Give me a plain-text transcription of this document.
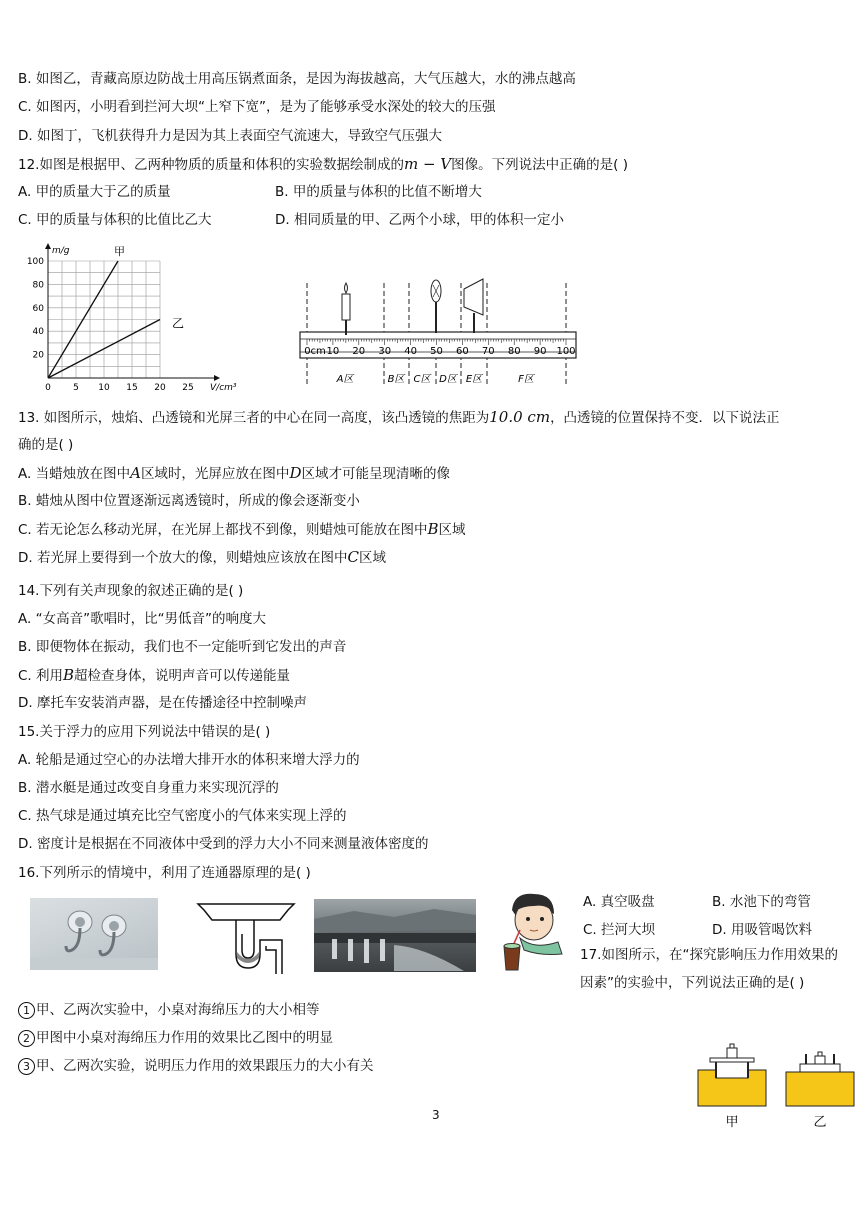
B. 如图乙，青藏高原边防战士用高压锅煮面条，是因为海拔越高，大气压越大，水的沸点越高
C. 如图丙，小明看到拦河大坝“上窄下宽”，是为了能够承受水深处的较大的压强
D. 如图丁，飞机获得升力是因为其上表面空气流速大，导致空气压强大
12.如图是根据甲、乙两种物质的质量和体积的实验数据绘制成的m − V图像。下列说法中正确的是( )
A. 甲的质量大于乙的质量	B. 甲的质量与体积的比值不断增大
C. 甲的质量与体积的比值比乙大	D. 相同质量的甲、乙两个小球，甲的体积一定小
0 5 10 15 20 25
20
40
60
80
100
V/cm³
m/g	甲
乙
0cm 10 20 30 40 50 60 70 80 90 100
A区	B区 C区 D区 E区	F区
13. 如图所示，烛焰、凸透镜和光屏三者的中心在同一高度，该凸透镜的焦距为10.0 cm，凸透镜的位置保持不变．以下说法正
确的是( )
A. 当蜡烛放在图中A区域时，光屏应放在图中D区域才可能呈现清晰的像
B. 蜡烛从图中位置逐渐远离透镜时，所成的像会逐渐变小
C. 若无论怎么移动光屏，在光屏上都找不到像，则蜡烛可能放在图中B区域
D. 若光屏上要得到一个放大的像，则蜡烛应该放在图中C区域
14.下列有关声现象的叙述正确的是( )
A. “女高音”歌唱时，比“男低音”的响度大
B. 即便物体在振动，我们也不一定能听到它发出的声音
C. 利用B超检查身体，说明声音可以传递能量
D. 摩托车安装消声器，是在传播途径中控制噪声
15.关于浮力的应用下列说法中错误的是( )
A. 轮船是通过空心的办法增大排开水的体积来增大浮力的
B. 潜水艇是通过改变自身重力来实现沉浮的
C. 热气球是通过填充比空气密度小的气体来实现上浮的
D. 密度计是根据在不同液体中受到的浮力大小不同来测量液体密度的
16.下列所示的情境中，利用了连通器原理的是( )
A. 真空吸盘	B. 水池下的弯管
C. 拦河大坝	D. 用吸管喝饮料
17.如图所示，在“探究影响压力作用效果的
因素”的实验中，下列说法正确的是( )
1 甲、乙两次实验中，小桌对海绵压力的大小相等
2 甲图中小桌对海绵压力作用的效果比乙图中的明显
3 甲、乙两次实验，说明压力作用的效果跟压力的大小有关
甲	乙
3
